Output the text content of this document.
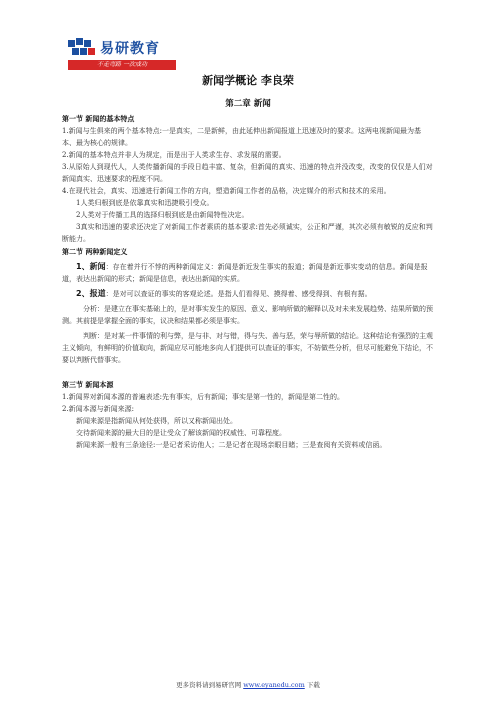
易研教育
不走弯路 一次成功
新闻学概论 李良荣
第二章 新闻

第一节 新闻的基本特点

1.新闻与生俱来的两个基本特点:一是真实，二是新鲜，由此延伸出新闻报道上迅速及时的要求。这两电视新闻最为基本、最为核心的规律。

2.新闻的基本特点并非人为规定，而是出于人类求生存、求发展的需要。

3.从原始人到现代人，人类传播新闻的手段日趋丰富、复杂，但新闻的真实、迅速的特点并没改变，改变的仅仅是人们对新闻真实、迅速要求的程度不同。

4.在现代社会，真实、迅速进行新闻工作的方向，塑造新闻工作者的品格，决定媒介的形式和技术的采用。

1人类归根到底是依靠真实和迅捷吸引受众。

2人类对于传播工具的选择归根到底是由新闻特性决定。

3真实和迅速的要求还决定了对新闻工作者素质的基本要求:首先必须诚实，公正和严谨，其次必须有敏锐的反应和判断能力。

第二节 两种新闻定义

1、新闻：存在着并行不悖的两种新闻定义：新闻是新近发生事实的报道；新闻是新近事实变动的信息。新闻是报道，表达出新闻的形式；新闻是信息，表达出新闻的实质。

2、报道：是对可以查证的事实的客观论述。是指人们看得见、摸得着、感受得到、有根有据。

分析：是建立在事实基础上的，是对事实发生的原因、意义、影响所做的解释以及对未来发展趋势、结果所做的预测。其前提是掌握全面的事实，议决和结果都必须是事实。

判断：是对某一件事情的利与弊，是与非、对与错，得与失、善与恶，荣与辱所做的结论。这种结论有强烈的主观主义倾向，有鲜明的价值取向，新闻应尽可能地多向人们提供可以查证的事实，不妨做些分析，但尽可能避免下结论，不要以判断代替事实。

第三节 新闻本源

1.新闻界对新闻本源的普遍表述:先有事实，后有新闻；事实是第一性的，新闻是第二性的。

2.新闻本源与新闻来源:

新闻来源是指新闻从何处获得，所以又称新闻出处。

交待新闻来源的最大目的是让受众了解该新闻的权威性、可靠程度。

新闻来源一般有三条途径:一是记者采访他人；二是记者在现场亲眼目睹；三是查阅有关资料或信函。

更多资料请到易研官网 www.eyanedu.com 下载
